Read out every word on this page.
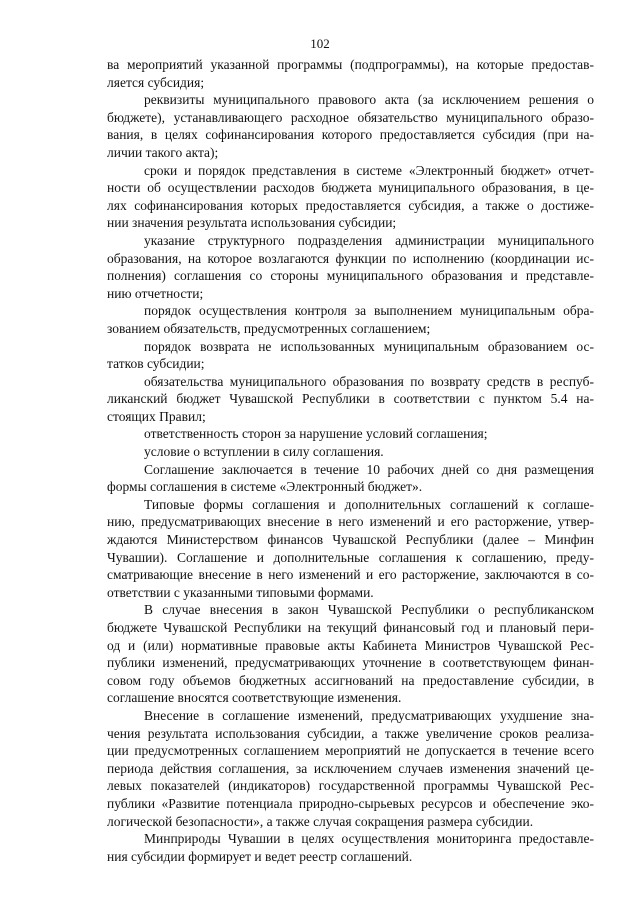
102

ва мероприятий указанной программы (подпрограммы), на которые предостав-
ляется субсидия;

реквизиты муниципального правового акта (за исключением решения о
бюджете), устанавливающего расходное обязательство муниципального образо-
вания, в целях софинансирования которого предоставляется субсидия (при на-
личии такого акта);

сроки и порядок представления в системе «Электронный бюджет» отчет-
ности об осуществлении расходов бюджета муниципального образования, в це-
лях софинансирования которых предоставляется субсидия, а также о достиже-
нии значения результата использования субсидии;

указание структурного подразделения администрации муниципального
образования, на которое возлагаются функции по исполнению (координации ис-
полнения) соглашения со стороны муниципального образования и представле-
нию отчетности;

порядок осуществления контроля за выполнением муниципальным обра-
зованием обязательств, предусмотренных соглашением;

порядок возврата не использованных муниципальным образованием ос-
татков субсидии;

обязательства муниципального образования по возврату средств в респуб-
ликанский бюджет Чувашской Республики в соответствии с пунктом 5.4 на-
стоящих Правил;

ответственность сторон за нарушение условий соглашения;

условие о вступлении в силу соглашения.

Соглашение заключается в течение 10 рабочих дней со дня размещения
формы соглашения в системе «Электронный бюджет».

Типовые формы соглашения и дополнительных соглашений к соглаше-
нию, предусматривающих внесение в него изменений и его расторжение, утвер-
ждаются Министерством финансов Чувашской Республики (далее – Минфин
Чувашии). Соглашение и дополнительные соглашения к соглашению, преду-
сматривающие внесение в него изменений и его расторжение, заключаются в со-
ответствии с указанными типовыми формами.

В случае внесения в закон Чувашской Республики о республиканском
бюджете Чувашской Республики на текущий финансовый год и плановый пери-
од и (или) нормативные правовые акты Кабинета Министров Чувашской Рес-
публики изменений, предусматривающих уточнение в соответствующем финан-
совом году объемов бюджетных ассигнований на предоставление субсидии, в
соглашение вносятся соответствующие изменения.

Внесение в соглашение изменений, предусматривающих ухудшение зна-
чения результата использования субсидии, а также увеличение сроков реализа-
ции предусмотренных соглашением мероприятий не допускается в течение всего
периода действия соглашения, за исключением случаев изменения значений це-
левых показателей (индикаторов) государственной программы Чувашской Рес-
публики «Развитие потенциала природно-сырьевых ресурсов и обеспечение эко-
логической безопасности», а также случая сокращения размера субсидии.

Минприроды Чувашии в целях осуществления мониторинга предоставле-
ния субсидии формирует и ведет реестр соглашений.
